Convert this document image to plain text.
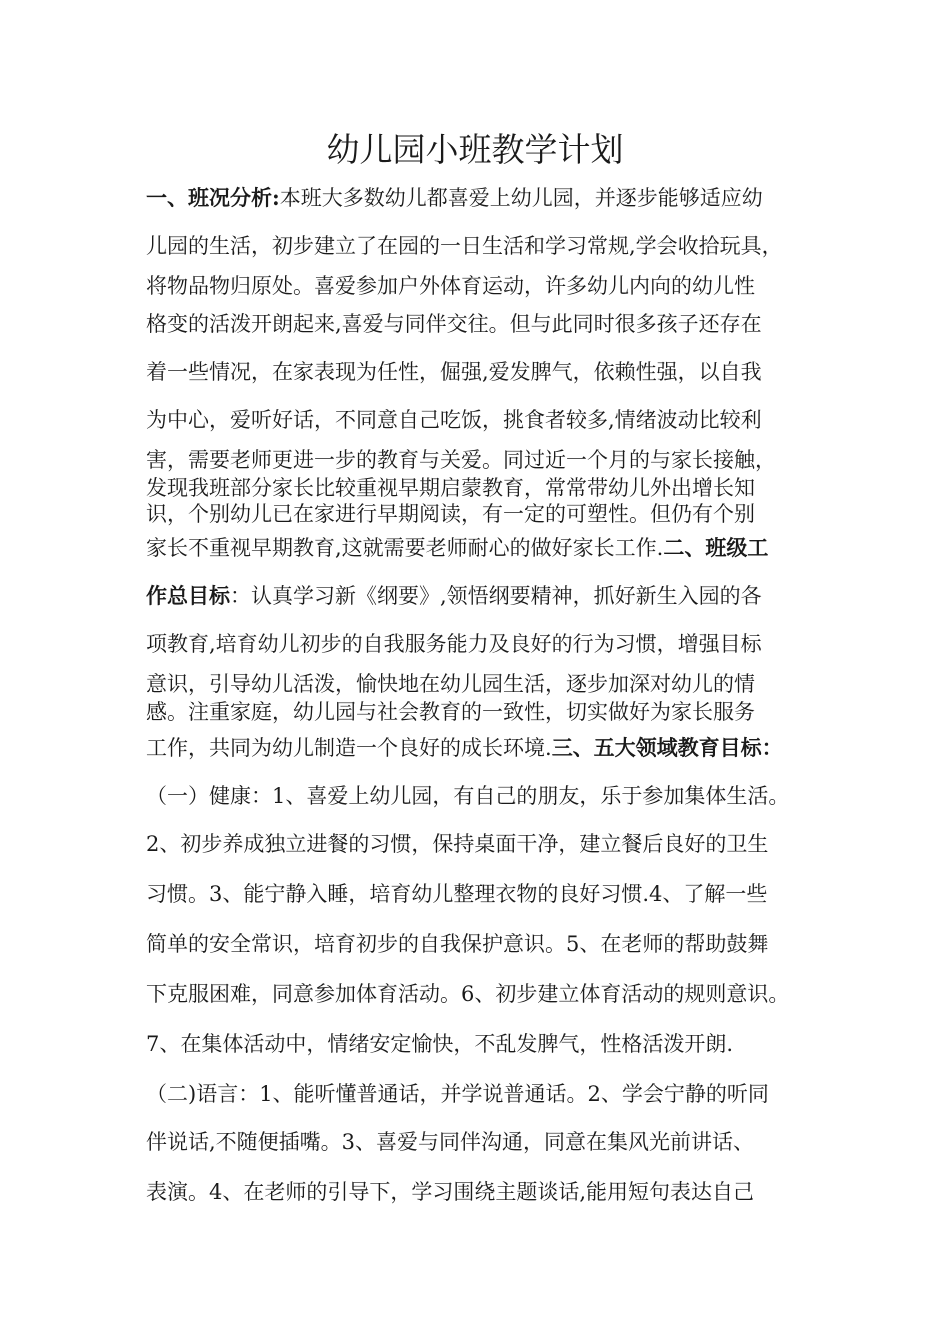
幼儿园小班教学计划
一、班况分析:本班大多数幼儿都喜爱上幼儿园，并逐步能够适应幼
儿园的生活，初步建立了在园的一日生活和学习常规,学会收拾玩具，
将物品物归原处。喜爱参加户外体育运动，许多幼儿内向的幼儿性
格变的活泼开朗起来,喜爱与同伴交往。但与此同时很多孩子还存在
着一些情况，在家表现为任性，倔强,爱发脾气，依赖性强，以自我
为中心，爱听好话，不同意自己吃饭，挑食者较多,情绪波动比较利
害，需要老师更进一步的教育与关爱。同过近一个月的与家长接触，
发现我班部分家长比较重视早期启蒙教育，常常带幼儿外出增长知
识，个别幼儿已在家进行早期阅读，有一定的可塑性。但仍有个别
家长不重视早期教育,这就需要老师耐心的做好家长工作.二、班级工
作总目标：认真学习新《纲要》,领悟纲要精神，抓好新生入园的各
项教育,培育幼儿初步的自我服务能力及良好的行为习惯，增强目标
意识，引导幼儿活泼，愉快地在幼儿园生活，逐步加深对幼儿的情
感。注重家庭，幼儿园与社会教育的一致性，切实做好为家长服务
工作，共同为幼儿制造一个良好的成长环境.三、五大领域教育目标：
（一）健康：1、喜爱上幼儿园，有自己的朋友，乐于参加集体生活。
2、初步养成独立进餐的习惯，保持桌面干净，建立餐后良好的卫生
习惯。3、能宁静入睡，培育幼儿整理衣物的良好习惯.4、了解一些
简单的安全常识，培育初步的自我保护意识。5、在老师的帮助鼓舞
下克服困难，同意参加体育活动。6、初步建立体育活动的规则意识。
7、在集体活动中，情绪安定愉快，不乱发脾气，性格活泼开朗.
（二)语言：1、能听懂普通话，并学说普通话。2、学会宁静的听同
伴说话,不随便插嘴。3、喜爱与同伴沟通，同意在集风光前讲话、
表演。4、在老师的引导下，学习围绕主题谈话,能用短句表达自己
